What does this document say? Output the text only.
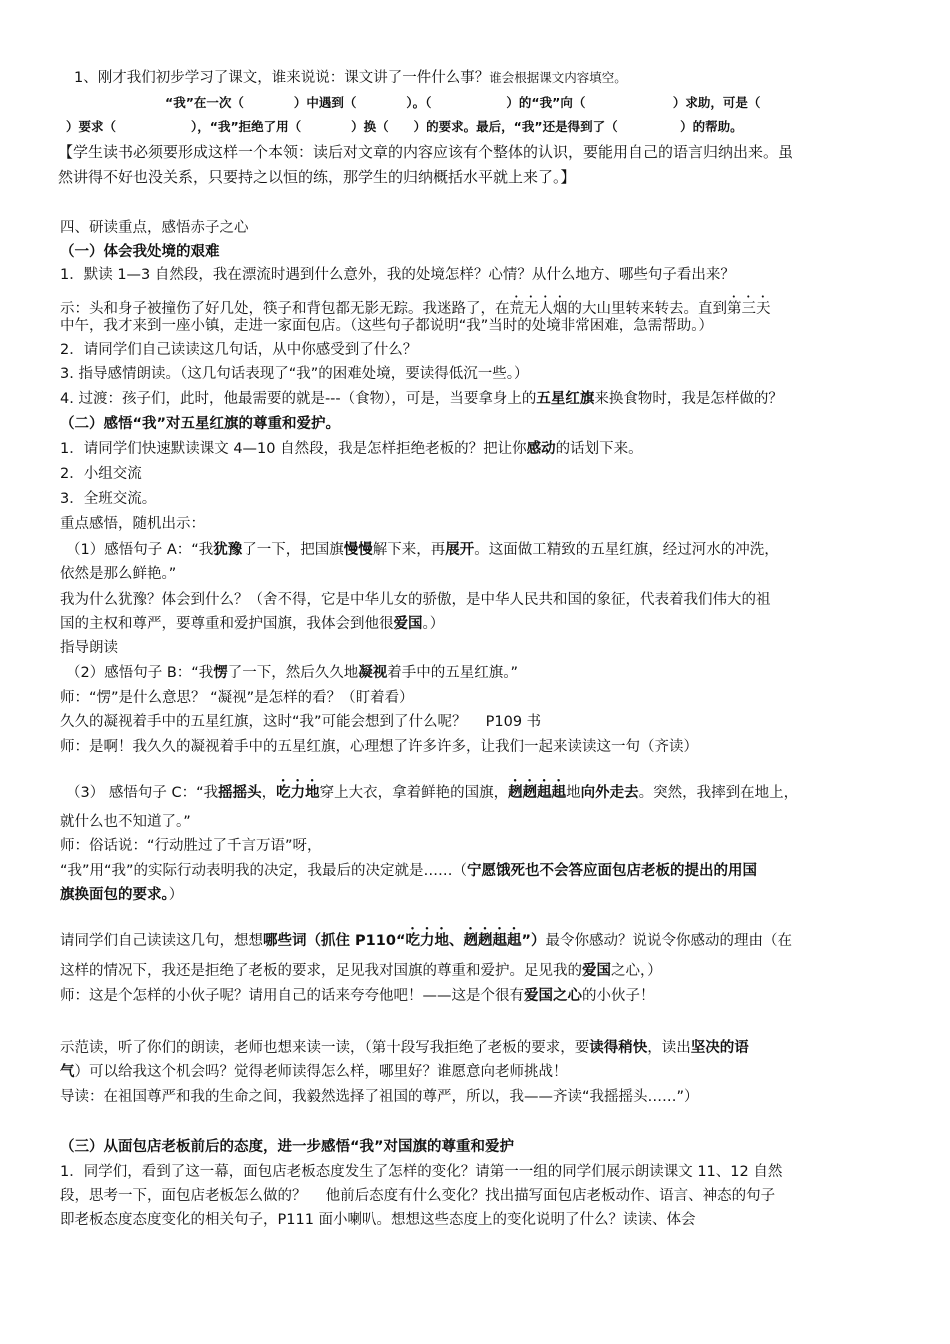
1、刚才我们初步学习了课文，谁来说说：课文讲了一件什么事？谁会根据课文内容填空。
“我”在一次（　　　　）中遇到（　　　　）。（　　　　　　）的“我”向（　　　　　　　）求助，可是（
）要求（　　　　　　），“我”拒绝了用（　　　　）换（　　）的要求。最后，“我”还是得到了（　　　　　）的帮助。
【学生读书必须要形成这样一个本领：读后对文章的内容应该有个整体的认识，要能用自己的语言归纳出来。虽
然讲得不好也没关系，只要持之以恒的练，那学生的归纳概括水平就上来了。】
四、研读重点，感悟赤子之心
（一）体会我处境的艰难
1．默读 1—3 自然段，我在漂流时遇到什么意外，我的处境怎样？心情？从什么地方、哪些句子看出来？
示：头和身子被撞伤了好几处，筷子和背包都无影无踪。我迷路了，在荒无人烟的大山里转来转去。直到第三天
中午，我才来到一座小镇，走进一家面包店。（这些句子都说明“我”当时的处境非常困难，急需帮助。）
2．请同学们自己读读这几句话，从中你感受到了什么？
3. 指导感情朗读。（这几句话表现了“我”的困难处境，要读得低沉一些。）
4. 过渡：孩子们，此时，他最需要的就是---（食物），可是，当要拿身上的五星红旗来换食物时，我是怎样做的？
（二）感悟“我”对五星红旗的尊重和爱护。
1．请同学们快速默读课文 4—10 自然段，我是怎样拒绝老板的？把让你感动的话划下来。
2．小组交流
3．全班交流。
重点感悟，随机出示：
（1）感悟句子 A：“我犹豫了一下，把国旗慢慢解下来，再展开。这面做工精致的五星红旗，经过河水的冲洗，
依然是那么鲜艳。”
我为什么犹豫？体会到什么？（舍不得，它是中华儿女的骄傲，是中华人民共和国的象征，代表着我们伟大的祖
国的主权和尊严，要尊重和爱护国旗，我体会到他很爱国。）
指导朗读
（2）感悟句子 B：“我愣了一下，然后久久地凝视着手中的五星红旗。”
师：“愣”是什么意思？ “凝视”是怎样的看？（盯着看）
久久的凝视着手中的五星红旗，这时“我”可能会想到了什么呢？　 P109 书
师：是啊！我久久的凝视着手中的五星红旗，心理想了许多许多，让我们一起来读读这一句（齐读）
（3） 感悟句子 C：“我摇摇头，吃力地穿上大衣，拿着鲜艳的国旗，趔趔趄趄地向外走去。突然，我摔到在地上，
就什么也不知道了。”
师：俗话说：“行动胜过了千言万语”呀，
“我”用“我”的实际行动表明我的决定，我最后的决定就是……（宁愿饿死也不会答应面包店老板的提出的用国
旗换面包的要求。）
请同学们自己读读这几句，想想哪些词（抓住 P110“吃力地、趔趔趄趄”）最令你感动？说说令你感动的理由（在
这样的情况下，我还是拒绝了老板的要求，足见我对国旗的尊重和爱护。足见我的爱国之心，）
师：这是个怎样的小伙子呢？请用自己的话来夸夸他吧！——这是个很有爱国之心的小伙子！
示范读，听了你们的朗读，老师也想来读一读，（第十段写我拒绝了老板的要求，要读得稍快，读出坚决的语
气）可以给我这个机会吗？觉得老师读得怎么样，哪里好？谁愿意向老师挑战！
导读：在祖国尊严和我的生命之间，我毅然选择了祖国的尊严，所以，我——齐读“我摇摇头……”）
（三）从面包店老板前后的态度，进一步感悟“我”对国旗的尊重和爱护
1．同学们，看到了这一幕，面包店老板态度发生了怎样的变化？请第一一组的同学们展示朗读课文 11、12 自然
段，思考一下，面包店老板怎么做的？　 他前后态度有什么变化？找出描写面包店老板动作、语言、神态的句子
即老板态度态度变化的相关句子，P111 面小喇叭。想想这些态度上的变化说明了什么？读读、体会
